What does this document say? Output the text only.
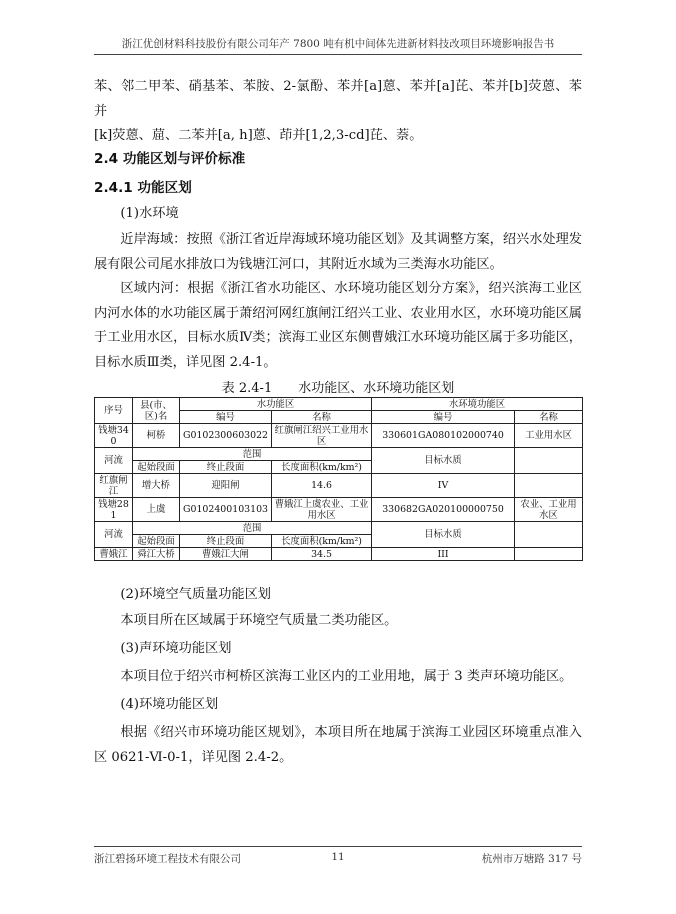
浙江优创材料科技股份有限公司年产 7800 吨有机中间体先进新材料技改项目环境影响报告书
苯、邻二甲苯、硝基苯、苯胺、2-氯酚、苯并[a]蒽、苯并[a]芘、苯并[b]荧蒽、苯并
[k]荧蒽、䓛、二苯并[a, h]蒽、茚并[1,2,3-cd]芘、萘。
2.4 功能区划与评价标准
2.4.1 功能区划
(1)水环境

近岸海域：按照《浙江省近岸海域环境功能区划》及其调整方案，绍兴水处理发展有限公司尾水排放口为钱塘江河口，其附近水域为三类海水功能区。

区域内河：根据《浙江省水功能区、水环境功能区划分方案》，绍兴滨海工业区内河水体的水功能区属于萧绍河网红旗闸江绍兴工业、农业用水区，水环境功能区属于工业用水区，目标水质Ⅳ类；滨海工业区东侧曹娥江水环境功能区属于多功能区，目标水质Ⅲ类，详见图 2.4-1。

表 2.4-1　　水功能区、水环境功能区划
序号	县(市、区)名	水功能区		水环境功能区	
		编号	名称	编号	名称
钱塘340	柯桥	G0102300603022	红旗闸江绍兴工业用水区	330601GA080102000740	工业用水区
河流	范围			目标水质	
	起始段面	终止段面	长度面积(km/km²)		
红旗闸江	增大桥	迎阳闸	14.6	IV	
钱塘281	上虞	G0102400103103	曹娥江上虞农业、工业用水区	330682GA020100000750	农业、工业用水区
河流	范围			目标水质	
	起始段面	终止段面	长度面积(km/km²)		
曹娥江	舜江大桥	曹娥江大闸	34.5	III	
(2)环境空气质量功能区划

本项目所在区域属于环境空气质量二类功能区。

(3)声环境功能区划

本项目位于绍兴市柯桥区滨海工业区内的工业用地，属于 3 类声环境功能区。

(4)环境功能区划

根据《绍兴市环境功能区规划》，本项目所在地属于滨海工业园区环境重点准入区 0621-Ⅵ-0-1，详见图 2.4-2。

浙江碧扬环境工程技术有限公司	11	杭州市万塘路 317 号
